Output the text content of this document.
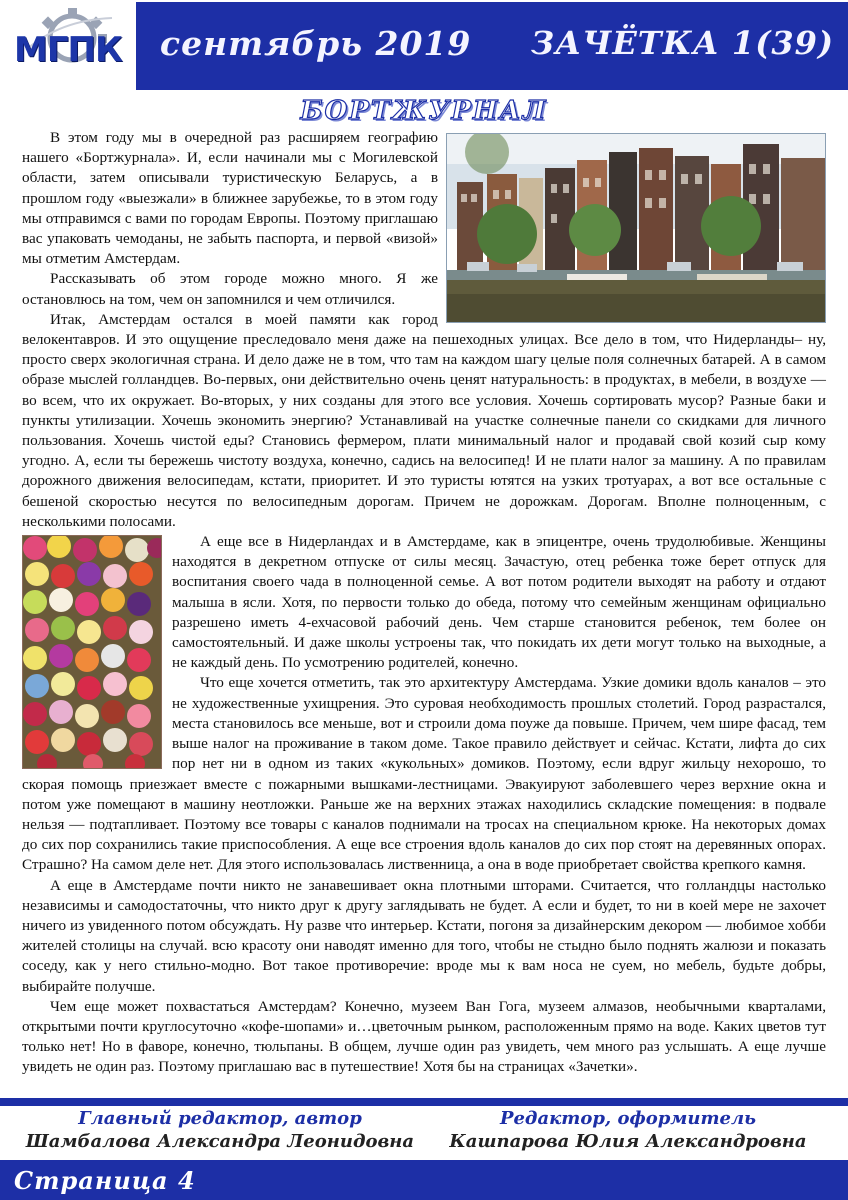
МГПК сентябрь 2019 ЗАЧЁТКА 1(39)
БОРТЖУРНАЛ

В этом году мы в очередной раз расширяем географию нашего «Бортжурнала». И, если начинали мы с Могилевской области, затем описывали туристическую Беларусь, а в прошлом году «выезжали» в ближнее зарубежье, то в этом году мы отправимся с вами по городам Европы. Поэтому приглашаю вас упаковать чемоданы, не забыть паспорта, и первой «визой» мы отметим Амстердам.

Рассказывать об этом городе можно много. Я же остановлюсь на том, чем он запомнился и чем отличился.

Итак, Амстердам остался в моей памяти как город велокентавров. И это ощущение преследовало меня даже на пешеходных улицах. Все дело в том, что Нидерланды– ну, просто сверх экологичная страна. И дело даже не в том, что там на каждом шагу целые поля солнечных батарей. А в самом образе мыслей голландцев. Во-первых, они действительно очень ценят натуральность: в продуктах, в мебели, в воздухе — во всем, что их окружает. Во-вторых, у них созданы для этого все условия. Хочешь сортировать мусор? Разные баки и пункты утилизации. Хочешь экономить энергию? Устанавливай на участке солнечные панели со скидками для личного пользования. Хочешь чистой еды? Становись фермером, плати минимальный налог и продавай свой козий сыр кому угодно. А, если ты бережешь чистоту воздуха, конечно, садись на велосипед! И не плати налог за машину. А по правилам дорожного движения велосипедам, кстати, приоритет. И это туристы ютятся на узких тротуарах, а вот все остальные с бешеной скоростью несутся по велосипедным дорогам. Причем не дорожкам. Дорогам. Вполне полноценным, с несколькими полосами.

А еще все в Нидерландах и в Амстердаме, как в эпицентре, очень трудолюбивые. Женщины находятся в декретном отпуске от силы месяц. Зачастую, отец ребенка тоже берет отпуск для воспитания своего чада в полноценной семье. А вот потом родители выходят на работу и отдают малыша в ясли. Хотя, по первости только до обеда, потому что семейным женщинам официально разрешено иметь 4-ехчасовой рабочий день. Чем старше становится ребенок, тем более он самостоятельный. И даже школы устроены так, что покидать их дети могут только на выходные, а не каждый день. По усмотрению родителей, конечно.

Что еще хочется отметить, так это архитектуру Амстердама. Узкие домики вдоль каналов – это не художественные ухищрения. Это суровая необходимость прошлых столетий. Город разрастался, места становилось все меньше, вот и строили дома поуже да повыше. Причем, чем шире фасад, тем выше налог на проживание в таком доме. Такое правило действует и сейчас. Кстати, лифта до сих пор нет ни в одном из таких «кукольных» домиков. Поэтому, если вдруг жильцу нехорошо, то скорая помощь приезжает вместе с пожарными вышками-лестницами. Эвакуируют заболевшего через верхние окна и потом уже помещают в машину неотложки. Раньше же на верхних этажах находились складские помещения: в подвале нельзя — подтапливает. Поэтому все товары с каналов поднимали на тросах на специальном крюке. На некоторых домах до сих пор сохранились такие приспособления. А еще все строения вдоль каналов до сих пор стоят на деревянных опорах. Страшно? На самом деле нет. Для этого использовалась лиственница, а она в воде приобретает свойства крепкого камня.

А еще в Амстердаме почти никто не занавешивает окна плотными шторами. Считается, что голландцы настолько независимы и самодостаточны, что никто друг к другу заглядывать не будет. А если и будет, то ни в коей мере не захочет ничего из увиденного потом обсуждать. Ну разве что интерьер. Кстати, погоня за дизайнерским декором — любимое хобби жителей столицы на случай. всю красоту они наводят именно для того, чтобы не стыдно было поднять жалюзи и показать соседу, как у него стильно-модно. Вот такое противоречие: вроде мы к вам носа не суем, но мебель, будьте добры, выбирайте получше.

Чем еще может похвастаться Амстердам? Конечно, музеем Ван Гога, музеем алмазов, необычными кварталами, открытыми почти круглосуточно «кофе-шопами» и…цветочным рынком, расположенным прямо на воде. Каких цветов тут только нет! Но в фаворе, конечно, тюльпаны. В общем, лучше один раз увидеть, чем много раз услышать. А еще лучше увидеть не один раз. Поэтому приглашаю вас в путешествие! Хотя бы на страницах «Зачетки».

Главный редактор, автор
Шамбалова Александра Леонидовна
Редактор, оформитель
Кашпарова Юлия Александровна
Страница 4
